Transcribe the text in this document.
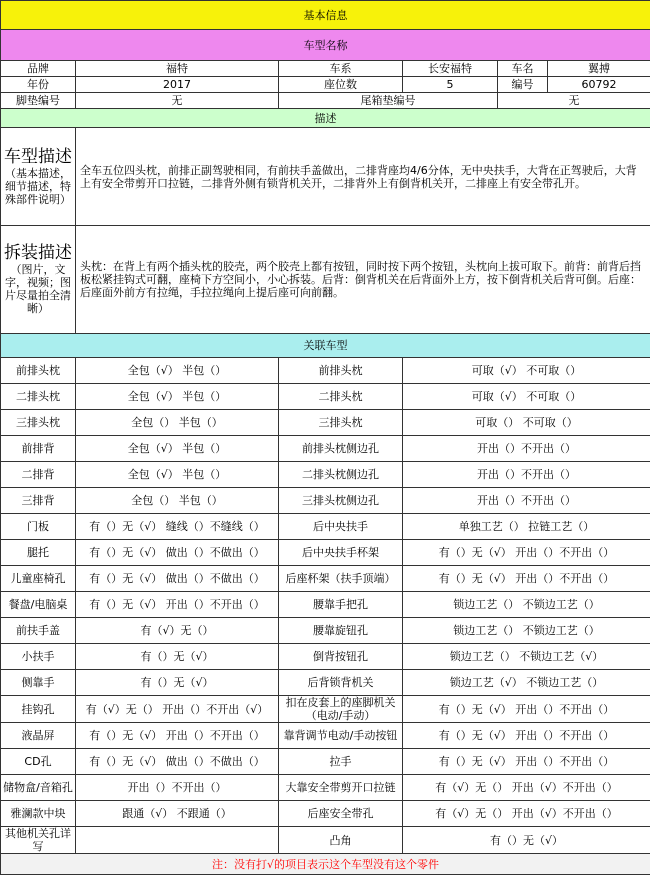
基本信息					
车型名称					
品牌	福特	车系	长安福特	车名	翼搏
年份	2017	座位数	5	编号	60792
脚垫编号	无	尾箱垫编号		无	
描述					

车型描述
（基本描述，细节描述，特殊部件说明）	全车五位四头枕，前排正副驾驶相同，有前扶手盖做出，二排背座均4/6分体，无中央扶手，大背在正驾驶后，大背上有安全带剪开口拉链，二排背外侧有锁背机关开，二排背外上有倒背机关开，二排座上有安全带孔开。				

拆装描述
（图片，文字，视频；图片尽量拍全清晰）	头枕：在背上有两个插头枕的胶壳，两个胶壳上都有按钮，同时按下两个按钮，头枕向上拔可取下。前背：前背后挡板松紧挂钩式可翻，座椅下方空间小，小心拆装。后背：倒背机关在后背面外上方，按下倒背机关后背可倒。后座：后座面外前方有拉绳，手拉拉绳向上提后座可向前翻。				
关联车型					
前排头枕	全包（√） 半包（）	前排头枕	可取（√） 不可取（）		
二排头枕	全包（√） 半包（）	二排头枕	可取（√） 不可取（）		
三排头枕	全包（） 半包（）	三排头枕	可取（） 不可取（）		
前排背	全包（√） 半包（）	前排头枕侧边孔	开出（）不开出（）		
二排背	全包（√） 半包（）	二排头枕侧边孔	开出（）不开出（）		
三排背	全包（） 半包（）	三排头枕侧边孔	开出（）不开出（）		
门板	有（）无（√） 缝线（）不缝线（）	后中央扶手	单独工艺（） 拉链工艺（）		
腿托	有（）无（√） 做出（）不做出（）	后中央扶手杯架	有（）无（√） 开出（）不开出（）		
儿童座椅孔	有（）无（√） 做出（）不做出（）	后座杯架（扶手顶端）	有（）无（√） 开出（）不开出（）		
餐盘/电脑桌	有（）无（√） 开出（）不开出（）	腰靠手把孔	锁边工艺（） 不锁边工艺（）		
前扶手盖	有（√）无（）	腰靠旋钮孔	锁边工艺（） 不锁边工艺（）		
小扶手	有（）无（√）	倒背按钮孔	锁边工艺（） 不锁边工艺（√）		
侧靠手	有（）无（√）	后背锁背机关	锁边工艺（√） 不锁边工艺（）		
挂钩孔	有（√）无（） 开出（）不开出（√）	扣在皮套上的座脚机关（电动/手动）	有（）无（√） 开出（）不开出（）		
液晶屏	有（）无（√） 开出（）不开出（）	靠背调节电动/手动按钮	有（）无（√） 开出（）不开出（）		
CD孔	有（）无（√） 做出（）不做出（）	拉手	有（）无（√） 开出（）不开出（）		
储物盒/音箱孔	开出（）不开出（）	大靠安全带剪开口拉链	有（√）无（） 开出（√）不开出（）		
雅澜款中块	跟通（√） 不跟通（）	后座安全带孔	有（√）无（） 开出（√）不开出（）		
其他机关孔详写		凸角	有（）无（√）		
注：没有打√的项目表示这个车型没有这个零件					
